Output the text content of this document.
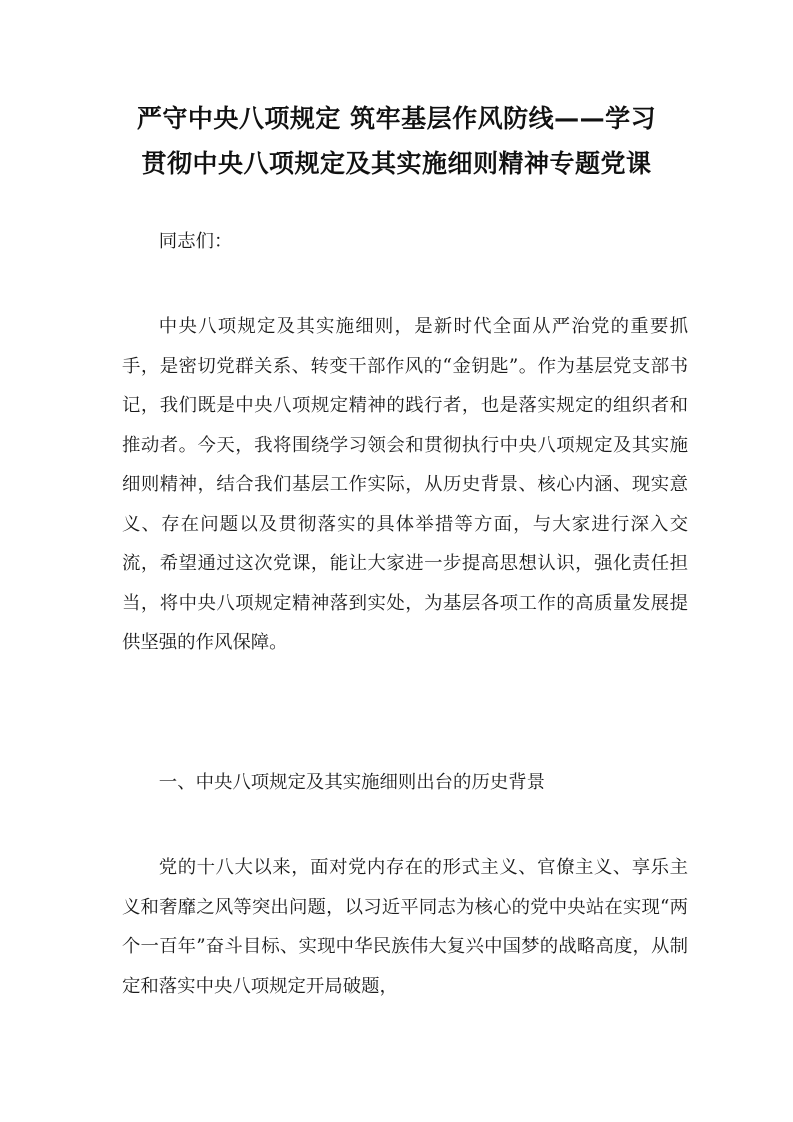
严守中央八项规定 筑牢基层作风防线——学习
贯彻中央八项规定及其实施细则精神专题党课

同志们：

中央八项规定及其实施细则，是新时代全面从严治党的重要抓手，是密切党群关系、转变干部作风的“金钥匙”。作为基层党支部书记，我们既是中央八项规定精神的践行者，也是落实规定的组织者和推动者。今天，我将围绕学习领会和贯彻执行中央八项规定及其实施细则精神，结合我们基层工作实际，从历史背景、核心内涵、现实意义、存在问题以及贯彻落实的具体举措等方面，与大家进行深入交流，希望通过这次党课，能让大家进一步提高思想认识，强化责任担当，将中央八项规定精神落到实处，为基层各项工作的高质量发展提供坚强的作风保障。

一、中央八项规定及其实施细则出台的历史背景

党的十八大以来，面对党内存在的形式主义、官僚主义、享乐主义和奢靡之风等突出问题，以习近平同志为核心的党中央站在实现“两个一百年”奋斗目标、实现中华民族伟大复兴中国梦的战略高度，从制定和落实中央八项规定开局破题，
